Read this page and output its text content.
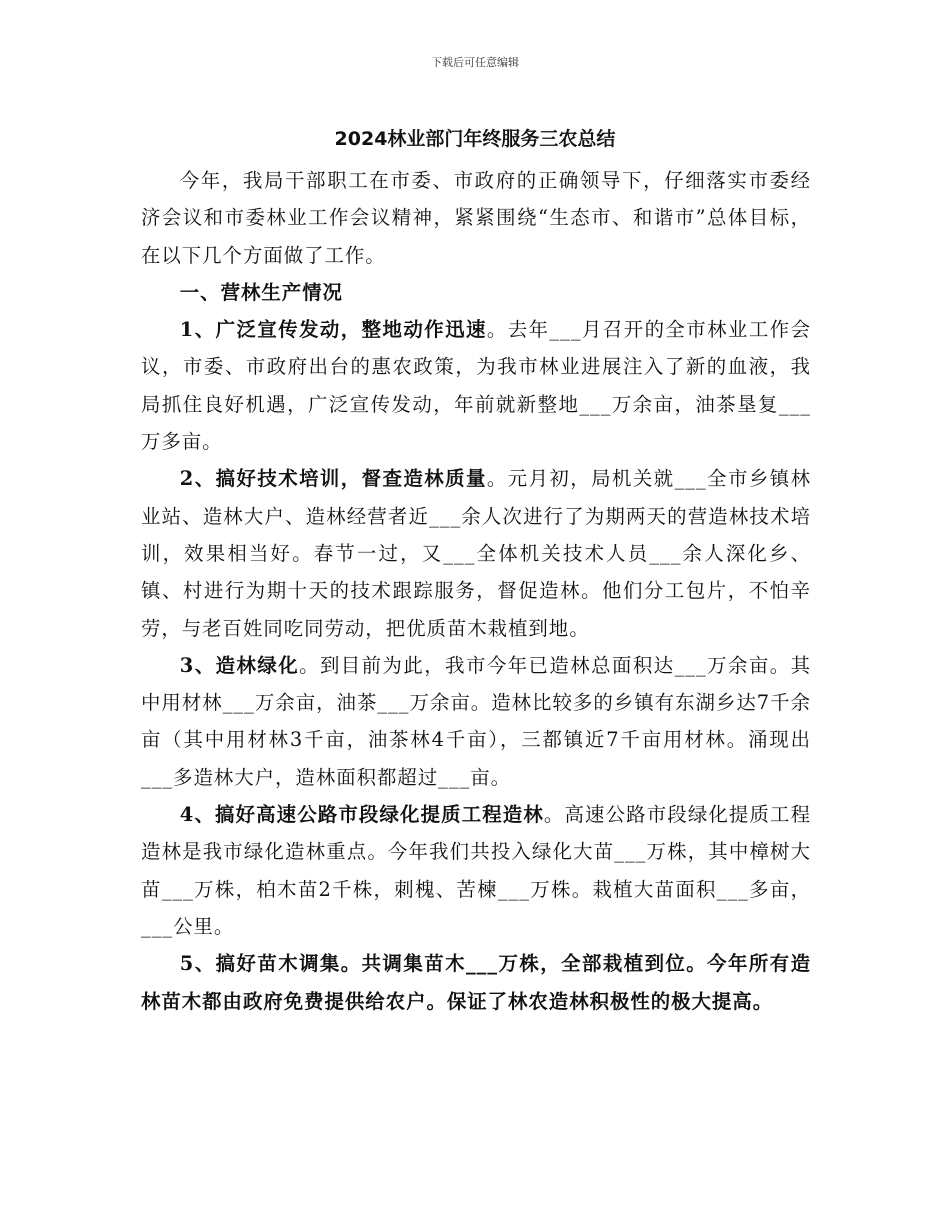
下载后可任意编辑
2024林业部门年终服务三农总结

今年，我局干部职工在市委、市政府的正确领导下，仔细落实市委经济会议和市委林业工作会议精神，紧紧围绕“生态市、和谐市”总体目标，在以下几个方面做了工作。

一、营林生产情况

1、广泛宣传发动，整地动作迅速。去年___月召开的全市林业工作会议，市委、市政府出台的惠农政策，为我市林业进展注入了新的血液，我局抓住良好机遇，广泛宣传发动，年前就新整地___万余亩，油茶垦复___万多亩。

2、搞好技术培训，督查造林质量。元月初，局机关就___全市乡镇林业站、造林大户、造林经营者近___余人次进行了为期两天的营造林技术培训，效果相当好。春节一过，又___全体机关技术人员___余人深化乡、镇、村进行为期十天的技术跟踪服务，督促造林。他们分工包片，不怕辛劳，与老百姓同吃同劳动，把优质苗木栽植到地。

3、造林绿化。到目前为此，我市今年已造林总面积达___万余亩。其中用材林___万余亩，油茶___万余亩。造林比较多的乡镇有东湖乡达7千余亩（其中用材林3千亩，油茶林4千亩），三都镇近7千亩用材林。涌现出___多造林大户，造林面积都超过___亩。

4、搞好高速公路市段绿化提质工程造林。高速公路市段绿化提质工程造林是我市绿化造林重点。今年我们共投入绿化大苗___万株，其中樟树大苗___万株，柏木苗2千株，刺槐、苦楝___万株。栽植大苗面积___多亩，___公里。

5、搞好苗木调集。共调集苗木___万株，全部栽植到位。今年所有造林苗木都由政府免费提供给农户。保证了林农造林积极性的极大提高。
